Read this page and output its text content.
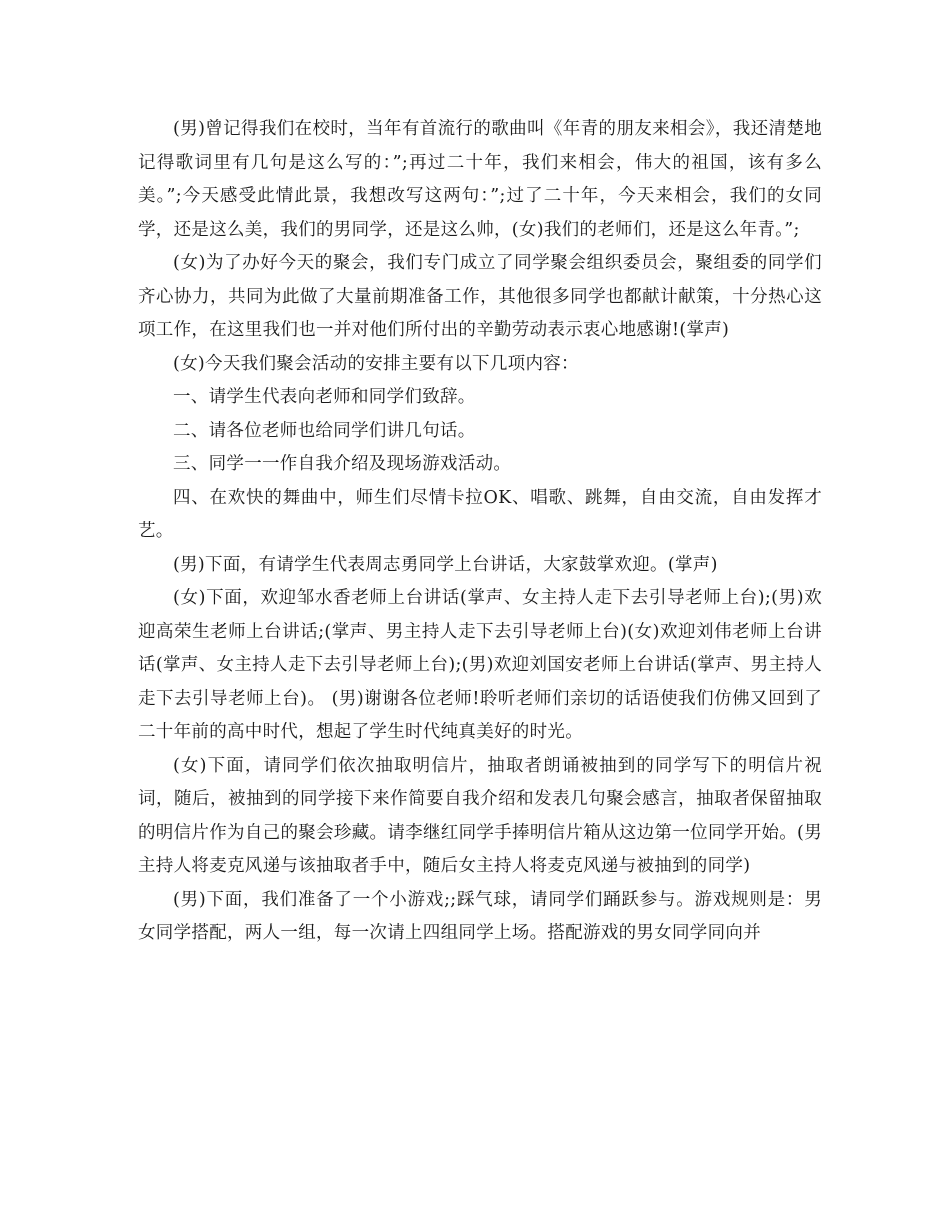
(男)曾记得我们在校时，当年有首流行的歌曲叫《年青的朋友来相会》，我还清楚地记得歌词里有几句是这么写的：”;再过二十年，我们来相会，伟大的祖国，该有多么美。”;今天感受此情此景，我想改写这两句：”;过了二十年，今天来相会，我们的女同学，还是这么美，我们的男同学，还是这么帅，(女)我们的老师们，还是这么年青。”;

(女)为了办好今天的聚会，我们专门成立了同学聚会组织委员会，聚组委的同学们齐心协力，共同为此做了大量前期准备工作，其他很多同学也都献计献策，十分热心这项工作，在这里我们也一并对他们所付出的辛勤劳动表示衷心地感谢!(掌声)

(女)今天我们聚会活动的安排主要有以下几项内容：

一、请学生代表向老师和同学们致辞。

二、请各位老师也给同学们讲几句话。

三、同学一一作自我介绍及现场游戏活动。

四、在欢快的舞曲中，师生们尽情卡拉OK、唱歌、跳舞，自由交流，自由发挥才艺。

(男)下面，有请学生代表周志勇同学上台讲话，大家鼓掌欢迎。(掌声)

(女)下面，欢迎邹水香老师上台讲话(掌声、女主持人走下去引导老师上台);(男)欢迎高荣生老师上台讲话;(掌声、男主持人走下去引导老师上台)(女)欢迎刘伟老师上台讲话(掌声、女主持人走下去引导老师上台);(男)欢迎刘国安老师上台讲话(掌声、男主持人走下去引导老师上台)。 (男)谢谢各位老师!聆听老师们亲切的话语使我们仿佛又回到了二十年前的高中时代，想起了学生时代纯真美好的时光。

(女)下面，请同学们依次抽取明信片，抽取者朗诵被抽到的同学写下的明信片祝词，随后，被抽到的同学接下来作简要自我介绍和发表几句聚会感言，抽取者保留抽取的明信片作为自己的聚会珍藏。请李继红同学手捧明信片箱从这边第一位同学开始。(男主持人将麦克风递与该抽取者手中，随后女主持人将麦克风递与被抽到的同学)

(男)下面，我们准备了一个小游戏;;踩气球，请同学们踊跃参与。游戏规则是：男女同学搭配，两人一组，每一次请上四组同学上场。搭配游戏的男女同学同向并
